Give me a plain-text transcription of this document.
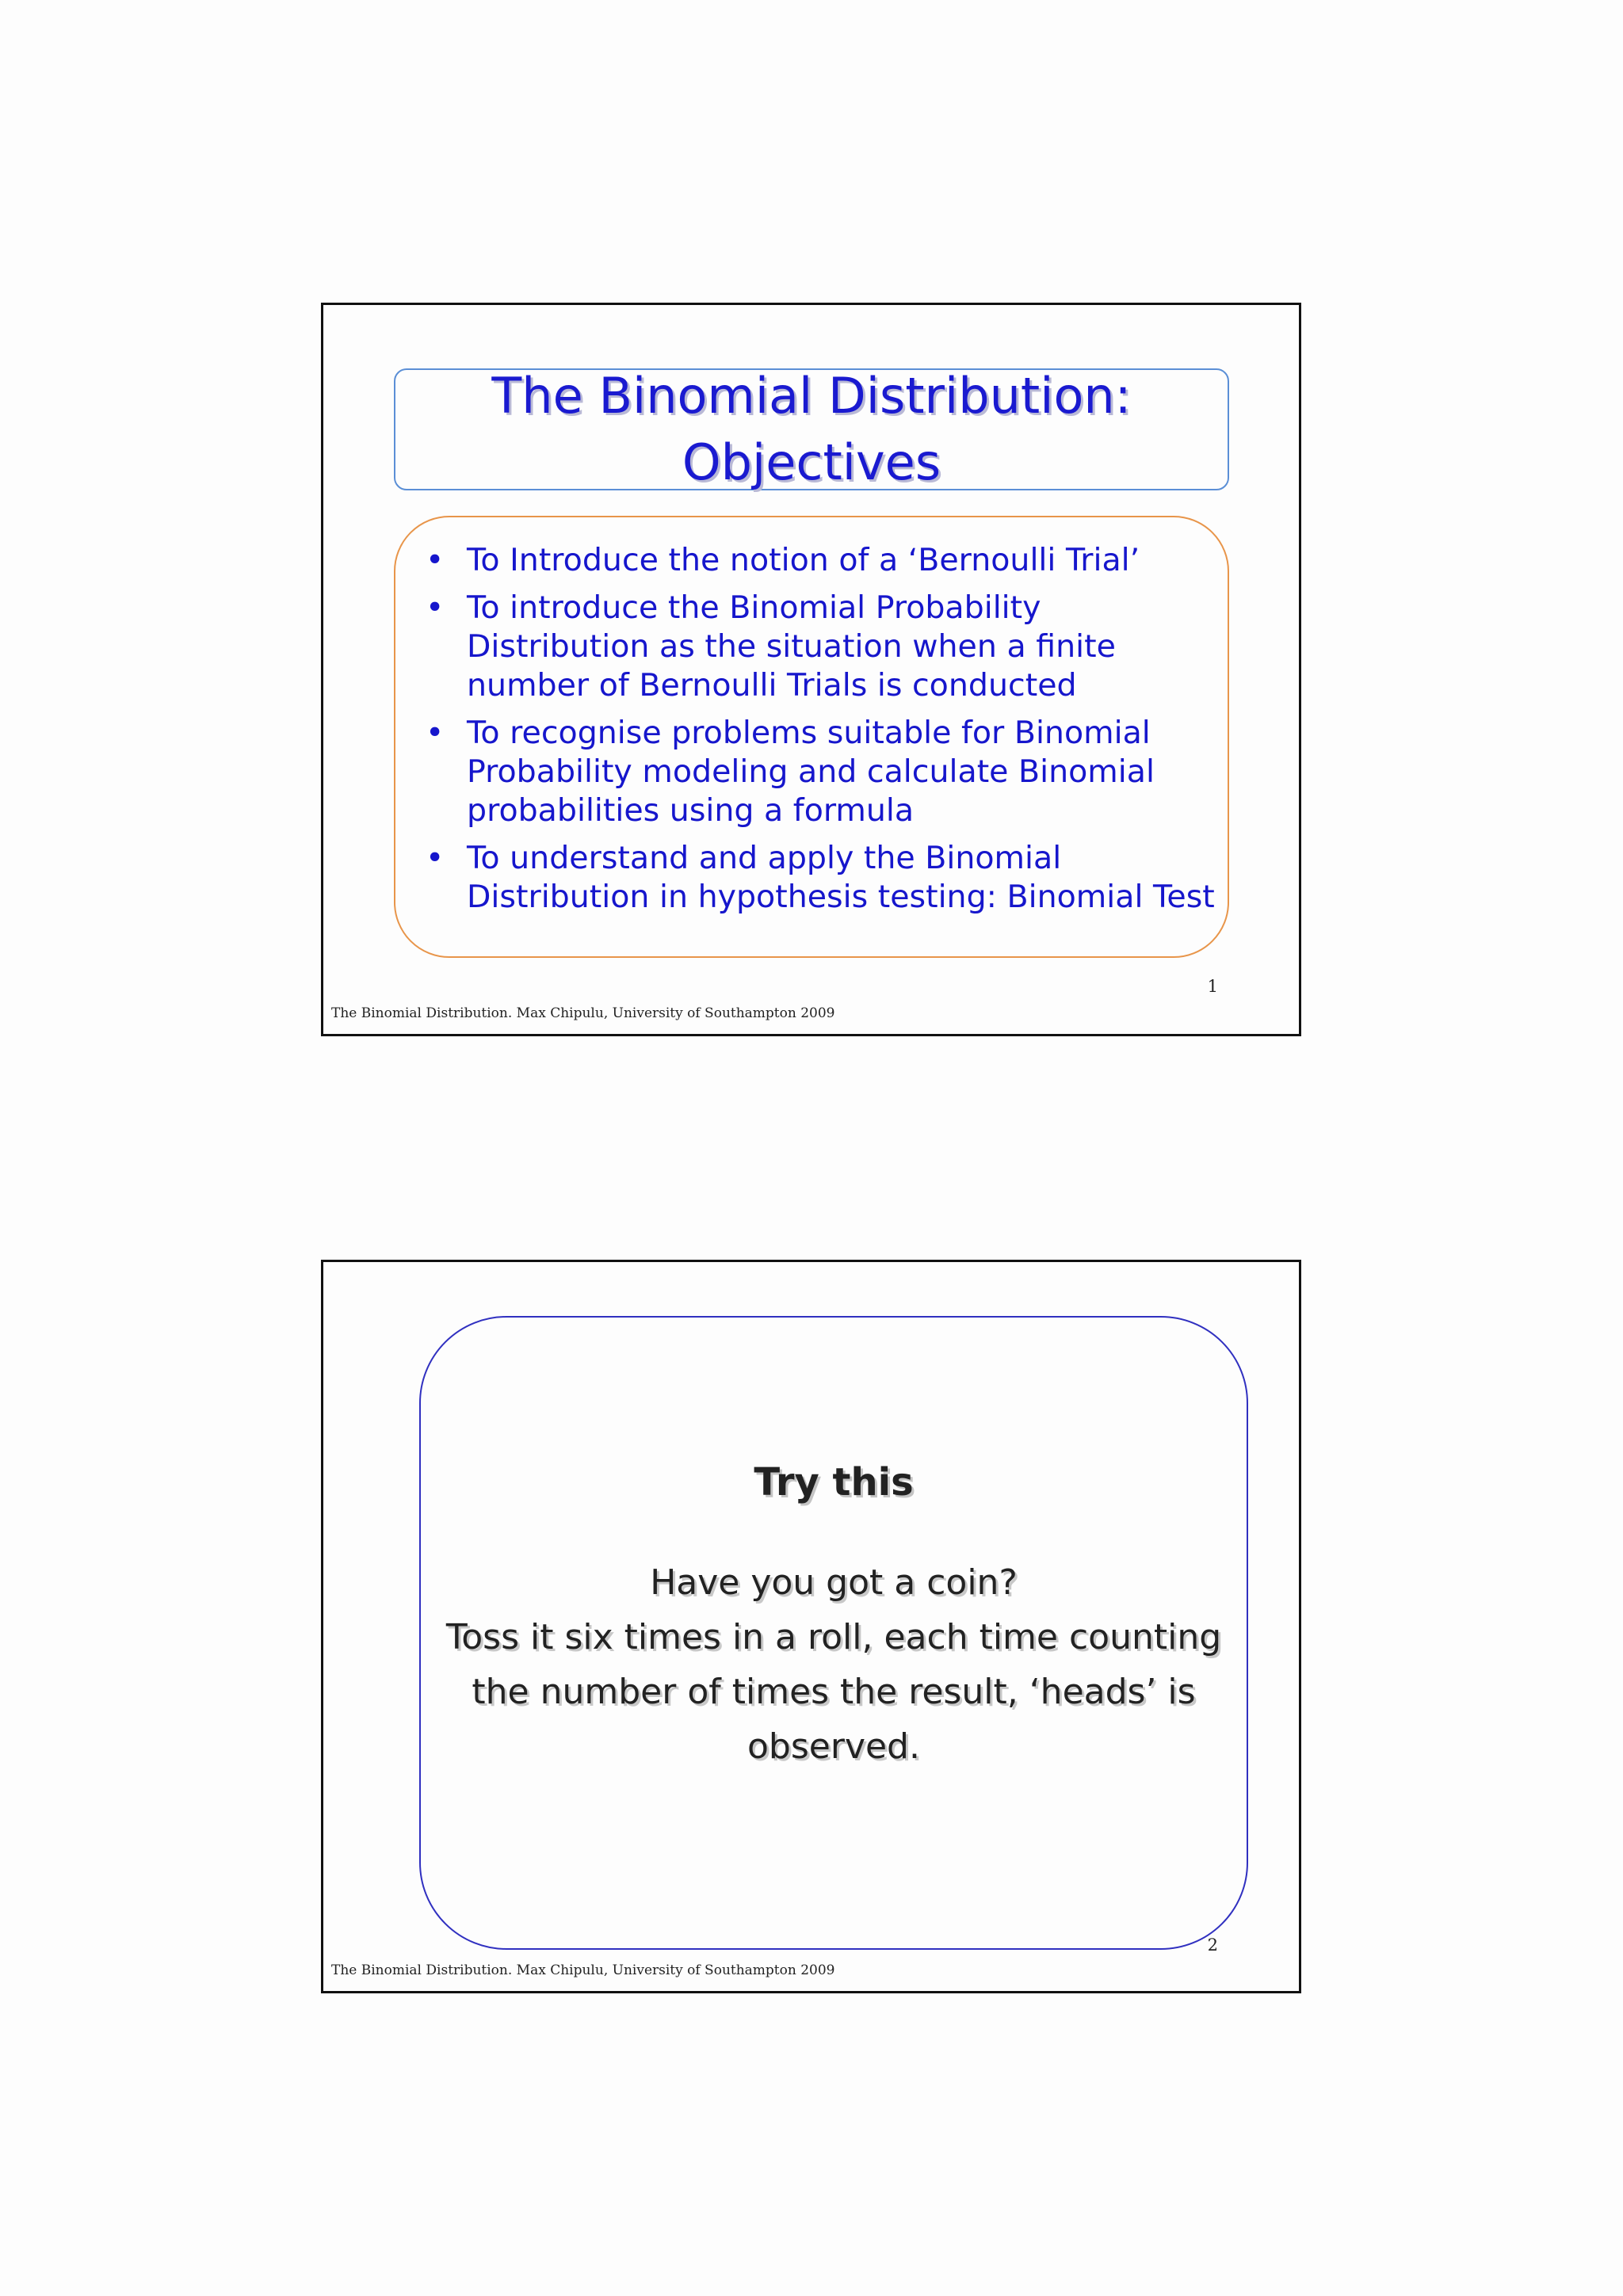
The Binomial Distribution:
Objectives
• To Introduce the notion of a ‘Bernoulli Trial’
• To introduce the Binomial Probability Distribution as the situation when a finite number of Bernoulli Trials is conducted
• To recognise problems suitable for Binomial Probability modeling and calculate Binomial probabilities using a formula
• To understand and apply the Binomial Distribution in hypothesis testing: Binomial Test
1
The Binomial Distribution. Max Chipulu, University of Southampton 2009
Try this
Have you got a coin?
Toss it six times in a roll, each time counting
the number of times the result, ‘heads’ is
observed.
2
The Binomial Distribution. Max Chipulu, University of Southampton 2009
